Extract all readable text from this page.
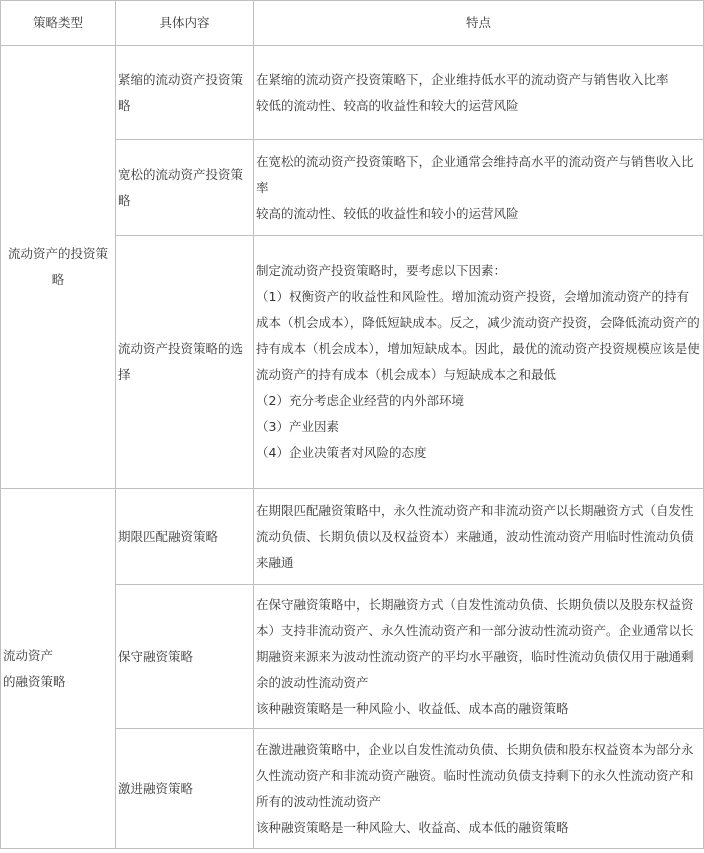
策略类型	具体内容	特点
流动资产的投资策略	紧缩的流动资产投资策略	在紧缩的流动资产投资策略下，企业维持低水平的流动资产与销售收入比率
较低的流动性、较高的收益性和较大的运营风险

	宽松的流动资产投资策略	在宽松的流动资产投资策略下，企业通常会维持高水平的流动资产与销售收入比率
较高的流动性、较低的收益性和较小的运营风险

	流动资产投资策略的选择	制定流动资产投资策略时，要考虑以下因素：
（1）权衡资产的收益性和风险性。增加流动资产投资，会增加流动资产的持有成本（机会成本），降低短缺成本。反之，减少流动资产投资，会降低流动资产的持有成本（机会成本），增加短缺成本。因此，最优的流动资产投资规模应该是使流动资产的持有成本（机会成本）与短缺成本之和最低
（2）充分考虑企业经营的内外部环境
（3）产业因素
（4）企业决策者对风险的态度

流动资产
的融资策略	期限匹配融资策略	在期限匹配融资策略中，永久性流动资产和非流动资产以长期融资方式（自发性流动负债、长期负债以及权益资本）来融通，波动性流动资产用临时性流动负债来融通

	保守融资策略	在保守融资策略中，长期融资方式（自发性流动负债、长期负债以及股东权益资本）支持非流动资产、永久性流动资产和一部分波动性流动资产。企业通常以长期融资来源来为波动性流动资产的平均水平融资，临时性流动负债仅用于融通剩余的波动性流动资产
该种融资策略是一种风险小、收益低、成本高的融资策略

	激进融资策略	在激进融资策略中，企业以自发性流动负债、长期负债和股东权益资本为部分永久性流动资产和非流动资产融资。临时性流动负债支持剩下的永久性流动资产和所有的波动性流动资产
该种融资策略是一种风险大、收益高、成本低的融资策略
